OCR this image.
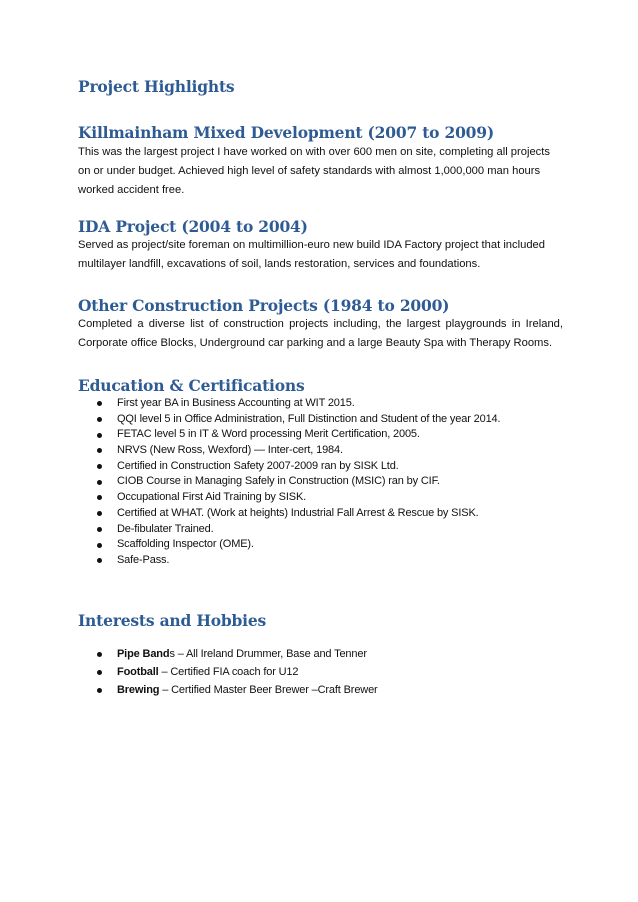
Project Highlights
Killmainham Mixed Development (2007 to 2009)

This was the largest project I have worked on with over 600 men on site, completing all projects on or under budget. Achieved high level of safety standards with almost 1,000,000 man hours worked accident free.

IDA Project (2004 to 2004)

Served as project/site foreman on multimillion-euro new build IDA Factory project that included multilayer landfill, excavations of soil, lands restoration, services and foundations.

Other Construction Projects (1984 to 2000)

Completed a diverse list of construction projects including, the largest playgrounds in Ireland, Corporate office Blocks, Underground car parking and a large Beauty Spa with Therapy Rooms.

Education & Certifications
First year BA in Business Accounting at WIT 2015.
QQI level 5 in Office Administration, Full Distinction and Student of the year 2014.
FETAC level 5 in IT & Word processing Merit Certification, 2005.
NRVS (New Ross, Wexford) — Inter-cert, 1984.
Certified in Construction Safety 2007-2009 ran by SISK Ltd.
CIOB Course in Managing Safely in Construction (MSIC) ran by CIF.
Occupational First Aid Training by SISK.
Certified at WHAT. (Work at heights) Industrial Fall Arrest & Rescue by SISK.
De-fibulater Trained.
Scaffolding Inspector (OME).
Safe-Pass.
Interests and Hobbies
Pipe Bands – All Ireland Drummer, Base and Tenner
Football – Certified FIA coach for U12
Brewing – Certified Master Beer Brewer –Craft Brewer
